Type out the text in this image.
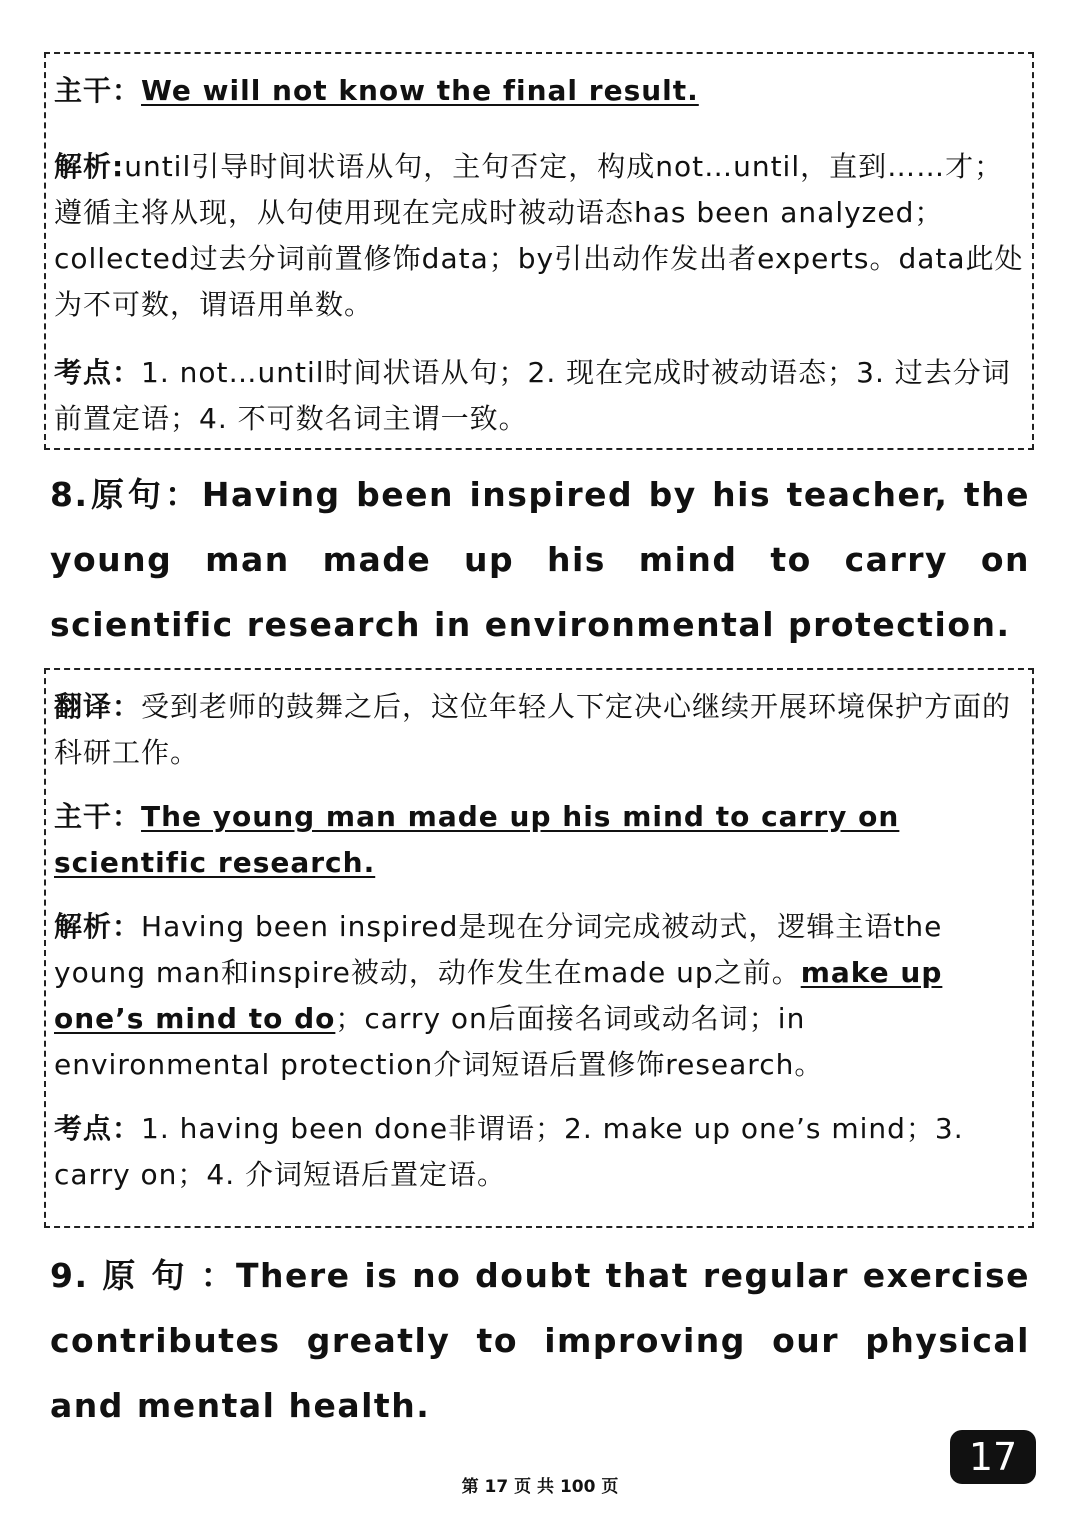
主干：We will not know the final result.

解析:until引导时间状语从句，主句否定，构成not…until，直到……才；遵循主将从现，从句使用现在完成时被动语态has been analyzed；collected过去分词前置修饰data；by引出动作发出者experts。data此处为不可数，谓语用单数。

考点：1. not…until时间状语从句；2. 现在完成时被动语态；3. 过去分词前置定语；4. 不可数名词主谓一致。

8.原句：Having been inspired by his teacher, the young man made up his mind to carry on scientific research in environmental protection.

翻译：受到老师的鼓舞之后，这位年轻人下定决心继续开展环境保护方面的科研工作。

主干：The young man made up his mind to carry on scientific research.

解析：Having been inspired是现在分词完成被动式，逻辑主语the young man和inspire被动，动作发生在made up之前。make up one’s mind to do；carry on后面接名词或动名词；in environmental protection介词短语后置修饰research。

考点：1. having been done非谓语；2. make up one’s mind；3. carry on；4. 介词短语后置定语。

9. 原 句 ：There is no doubt that regular exercise contributes greatly to improving our physical and mental health.

17
第 17 页 共 100 页
